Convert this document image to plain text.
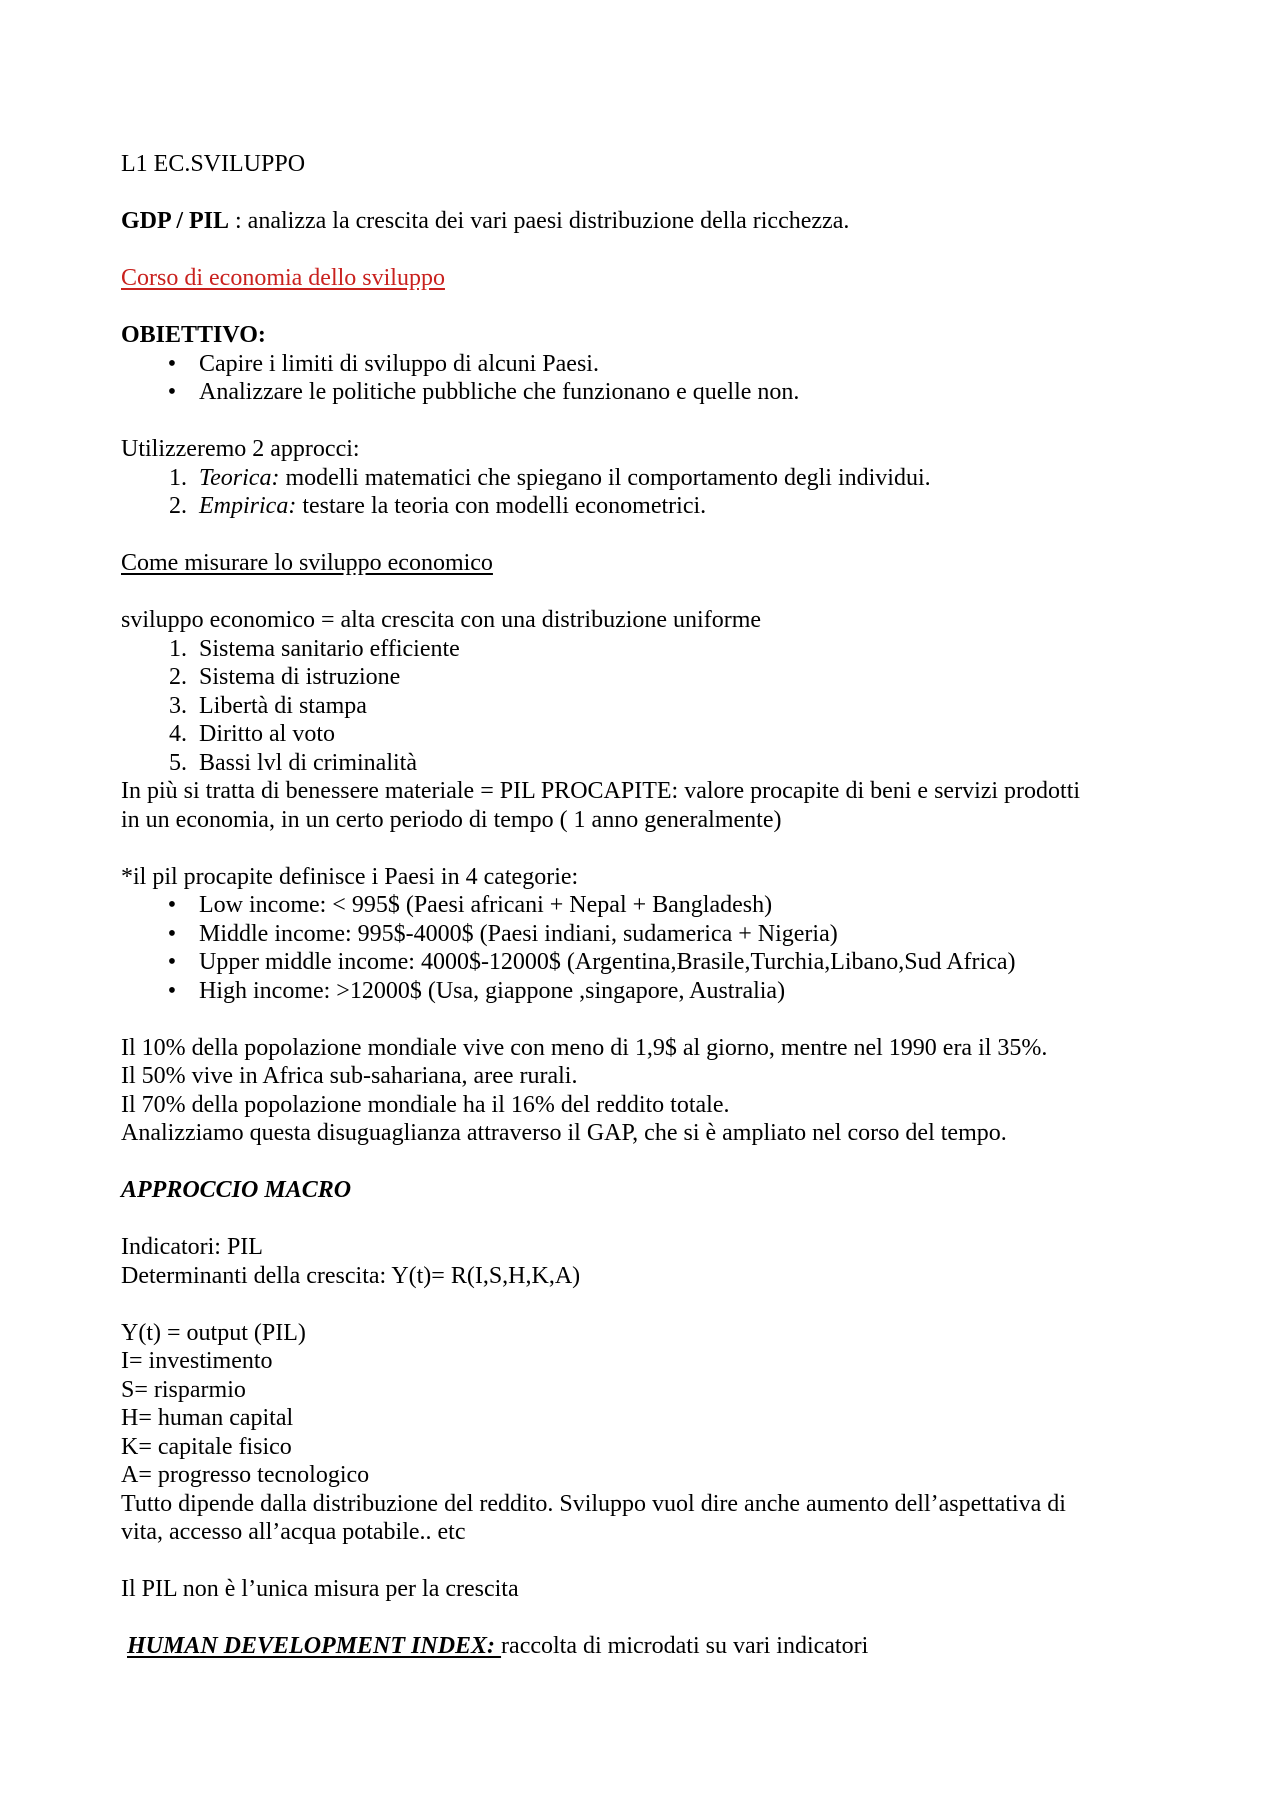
L1 EC.SVILUPPO
GDP / PIL : analizza la crescita dei vari paesi distribuzione della ricchezza.
Corso di economia dello sviluppo
OBIETTIVO:
• Capire i limiti di sviluppo di alcuni Paesi.
• Analizzare le politiche pubbliche che funzionano e quelle non.
Utilizzeremo 2 approcci:
1. Teorica: modelli matematici che spiegano il comportamento degli individui.
2. Empirica: testare la teoria con modelli econometrici.
Come misurare lo sviluppo economico
sviluppo economico = alta crescita con una distribuzione uniforme
1. Sistema sanitario efficiente
2. Sistema di istruzione
3. Libertà di stampa
4. Diritto al voto
5. Bassi lvl di criminalità
In più si tratta di benessere materiale = PIL PROCAPITE: valore procapite di beni e servizi prodotti
in un economia, in un certo periodo di tempo ( 1 anno generalmente)
*il pil procapite definisce i Paesi in 4 categorie:
• Low income: < 995$ (Paesi africani + Nepal + Bangladesh)
• Middle income: 995$-4000$ (Paesi indiani, sudamerica + Nigeria)
• Upper middle income: 4000$-12000$ (Argentina,Brasile,Turchia,Libano,Sud Africa)
• High income: >12000$ (Usa, giappone ,singapore, Australia)
Il 10% della popolazione mondiale vive con meno di 1,9$ al giorno, mentre nel 1990 era il 35%.
Il 50% vive in Africa sub-sahariana, aree rurali.
Il 70% della popolazione mondiale ha il 16% del reddito totale.
Analizziamo questa disuguaglianza attraverso il GAP, che si è ampliato nel corso del tempo.
APPROCCIO MACRO
Indicatori: PIL
Determinanti della crescita: Y(t)= R(I,S,H,K,A)
Y(t) = output (PIL)
I= investimento
S= risparmio
H= human capital
K= capitale fisico
A= progresso tecnologico
Tutto dipende dalla distribuzione del reddito. Sviluppo vuol dire anche aumento dell’aspettativa di
vita, accesso all’acqua potabile.. etc
Il PIL non è l’unica misura per la crescita
HUMAN DEVELOPMENT INDEX: raccolta di microdati su vari indicatori
